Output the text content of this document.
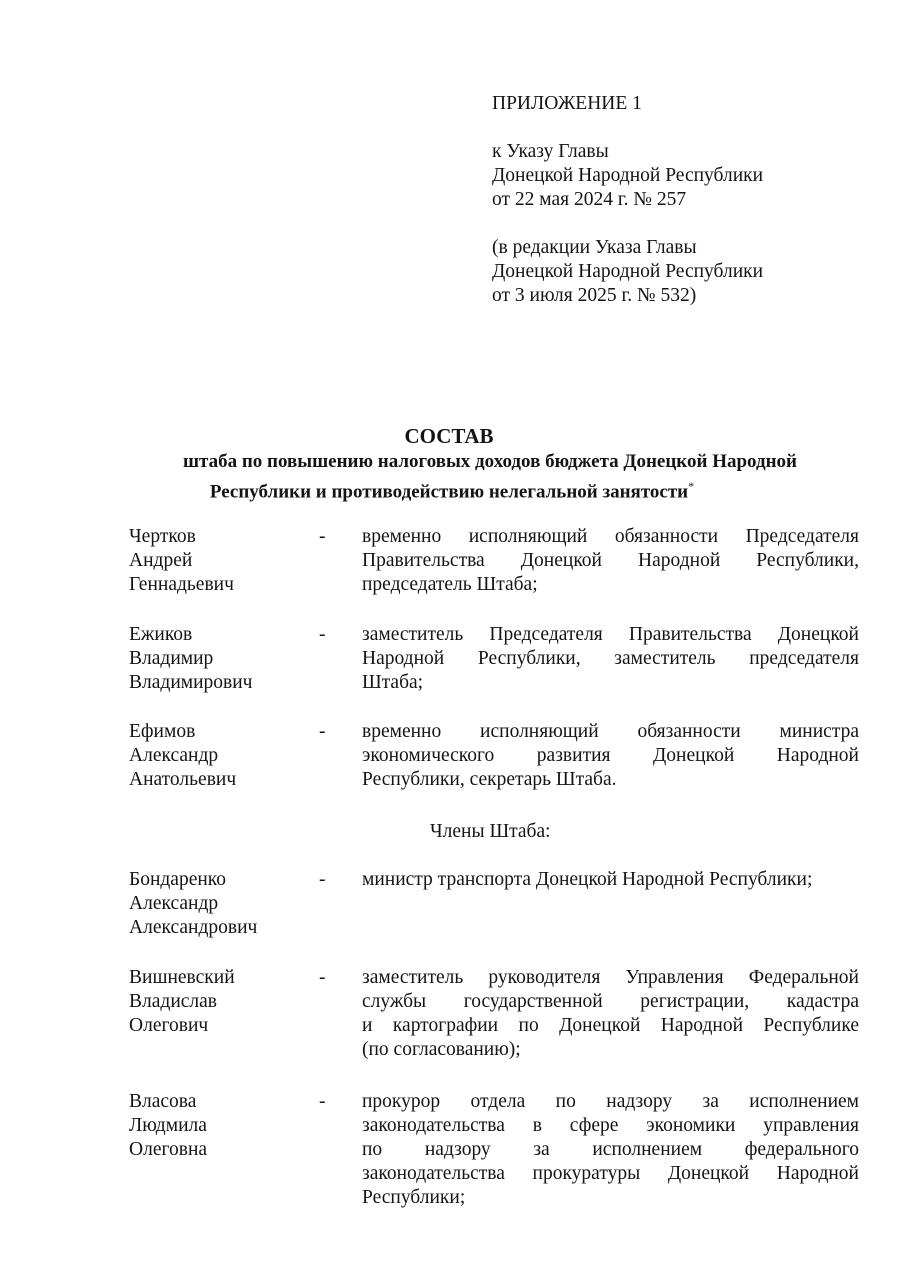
ПРИЛОЖЕНИЕ 1
к Указу Главы
Донецкой Народной Республики
от 22 мая 2024 г. № 257
(в редакции Указа Главы
Донецкой Народной Республики
от 3 июля 2025 г. № 532)
СОСТАВ
штаба по повышению налоговых доходов бюджета Донецкой Народной
Республики и противодействию нелегальной занятости*
Чертков
Андрей
Геннадьевич
- временно исполняющий обязанности Председателя
Правительства Донецкой Народной Республики,
председатель Штаба;
Ежиков
Владимир
Владимирович
- заместитель Председателя Правительства Донецкой
Народной Республики, заместитель председателя
Штаба;
Ефимов
Александр
Анатольевич
- временно исполняющий обязанности министра
экономического развития Донецкой Народной
Республики, секретарь Штаба.
Члены Штаба:
Бондаренко
Александр
Александрович
- министр транспорта Донецкой Народной Республики;
Вишневский
Владислав
Олегович
- заместитель руководителя Управления Федеральной
службы государственной регистрации, кадастра
и картографии по Донецкой Народной Республике
(по согласованию);
Власова
Людмила
Олеговна
- прокурор отдела по надзору за исполнением
законодательства в сфере экономики управления
по надзору за исполнением федерального
законодательства прокуратуры Донецкой Народной
Республики;
